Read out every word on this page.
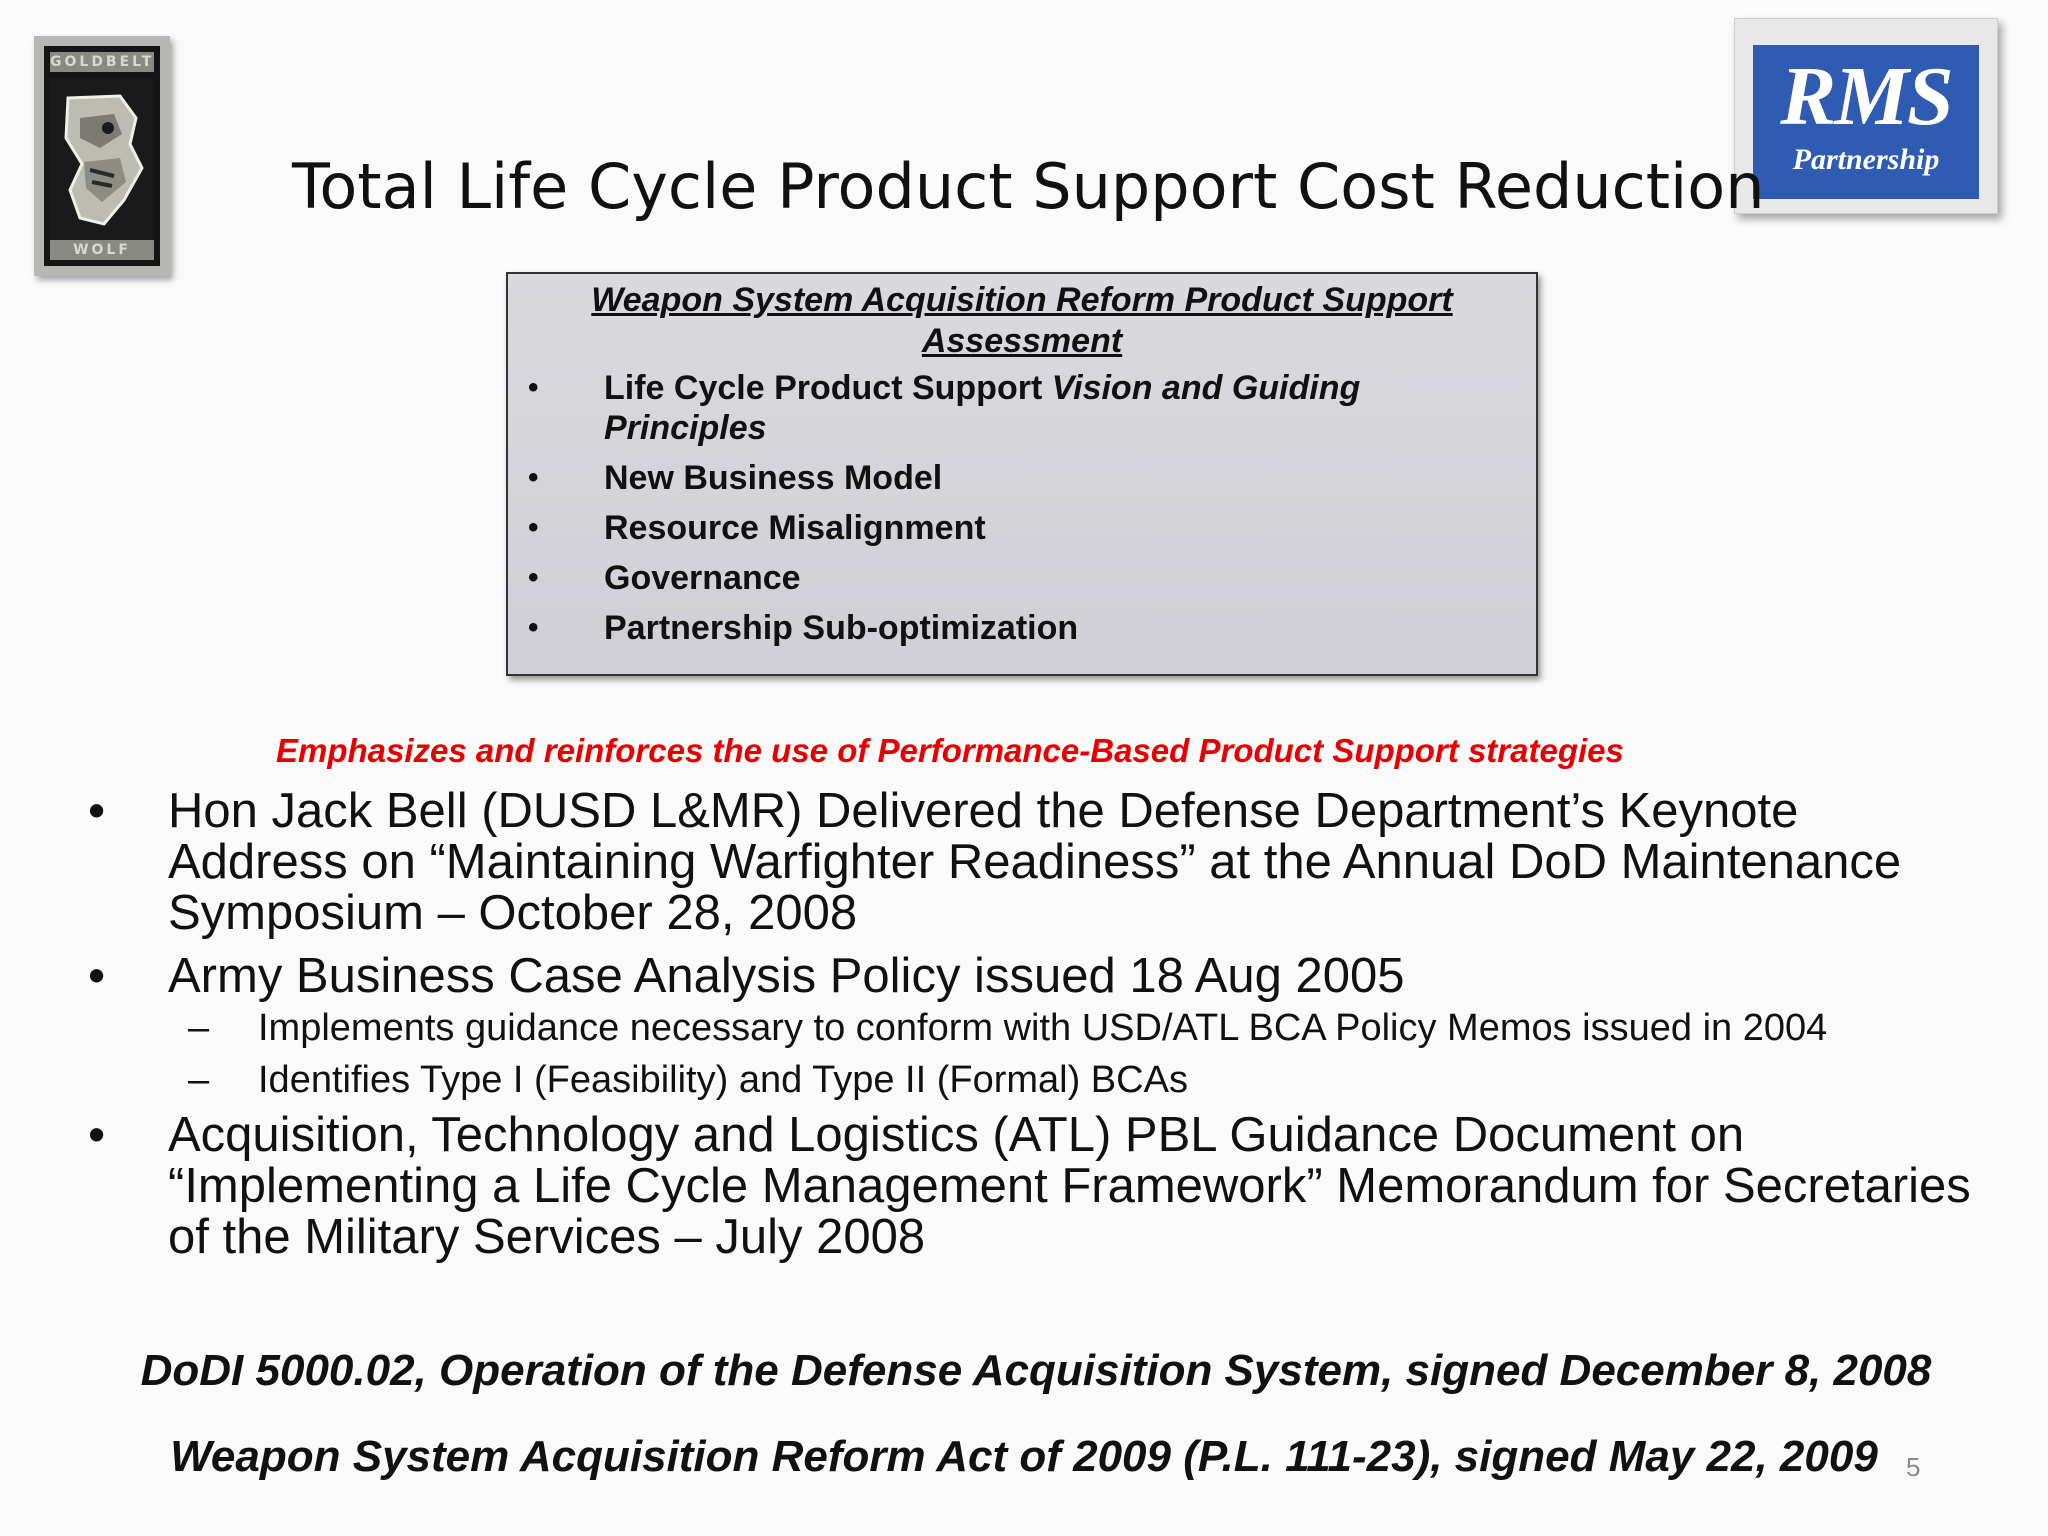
GOLDBELT
WOLF
RMS
Partnership
Total Life Cycle Product Support Cost Reduction
Weapon System Acquisition Reform Product Support Assessment
• Life Cycle Product Support Vision and Guiding Principles
• New Business Model
• Resource Misalignment
• Governance
• Partnership Sub-optimization
Emphasizes and reinforces the use of Performance-Based Product Support strategies
• Hon Jack Bell (DUSD L&MR) Delivered the Defense Department’s Keynote Address on “Maintaining Warfighter Readiness” at the Annual DoD Maintenance Symposium – October 28, 2008
• Army Business Case Analysis Policy issued 18 Aug 2005
– Implements guidance necessary to conform with USD/ATL BCA Policy Memos issued in 2004
– Identifies Type I (Feasibility) and Type II (Formal) BCAs
• Acquisition, Technology and Logistics (ATL) PBL Guidance Document on “Implementing a Life Cycle Management Framework” Memorandum for Secretaries of the Military Services – July 2008
DoDI 5000.02, Operation of the Defense Acquisition System, signed December 8, 2008
Weapon System Acquisition Reform Act of 2009 (P.L. 111-23), signed May 22, 2009	5
